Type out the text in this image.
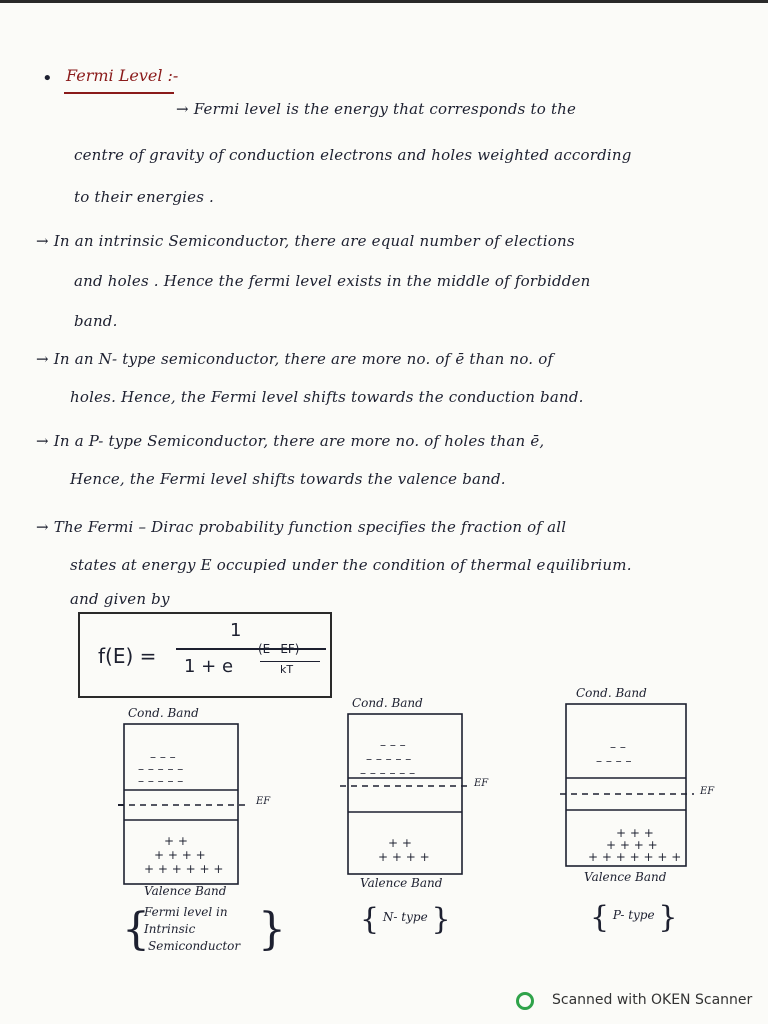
• Fermi Level :-
→ Fermi level is the energy that corresponds to the
centre of gravity of conduction electrons and holes weighted according
to their energies .
→ In an intrinsic Semiconductor, there are equal number of elections
and holes . Hence the fermi level exists in the middle of forbidden
band.
→ In an N- type semiconductor, there are more no. of ē than no. of
holes. Hence, the Fermi level shifts towards the conduction band.
→ In a P- type Semiconductor, there are more no. of holes than ē,
Hence, the Fermi level shifts towards the valence band.
→ The Fermi – Dirac probability function specifies the fraction of all
states at energy E occupied under the condition of thermal equilibrium.
and given by
f(E) =
1
1 + e
(E−EF)
kT
Cond. Band
EF
– – –
– – – – –
– – – – –
+ +
+ + + +
+ + + + + +
Valence Band
{
Fermi level in
Intrinsic
Semiconductor }
Cond. Band
EF
– – –
– – – – –
– – – – – –
+ +
+ + + +
Valence Band
{ N- type }
Cond. Band
EF
– –
– – – –
+ + +
+ + + +
+ + + + + + +
Valence Band
{ P- type }
Scanned with OKEN Scanner
